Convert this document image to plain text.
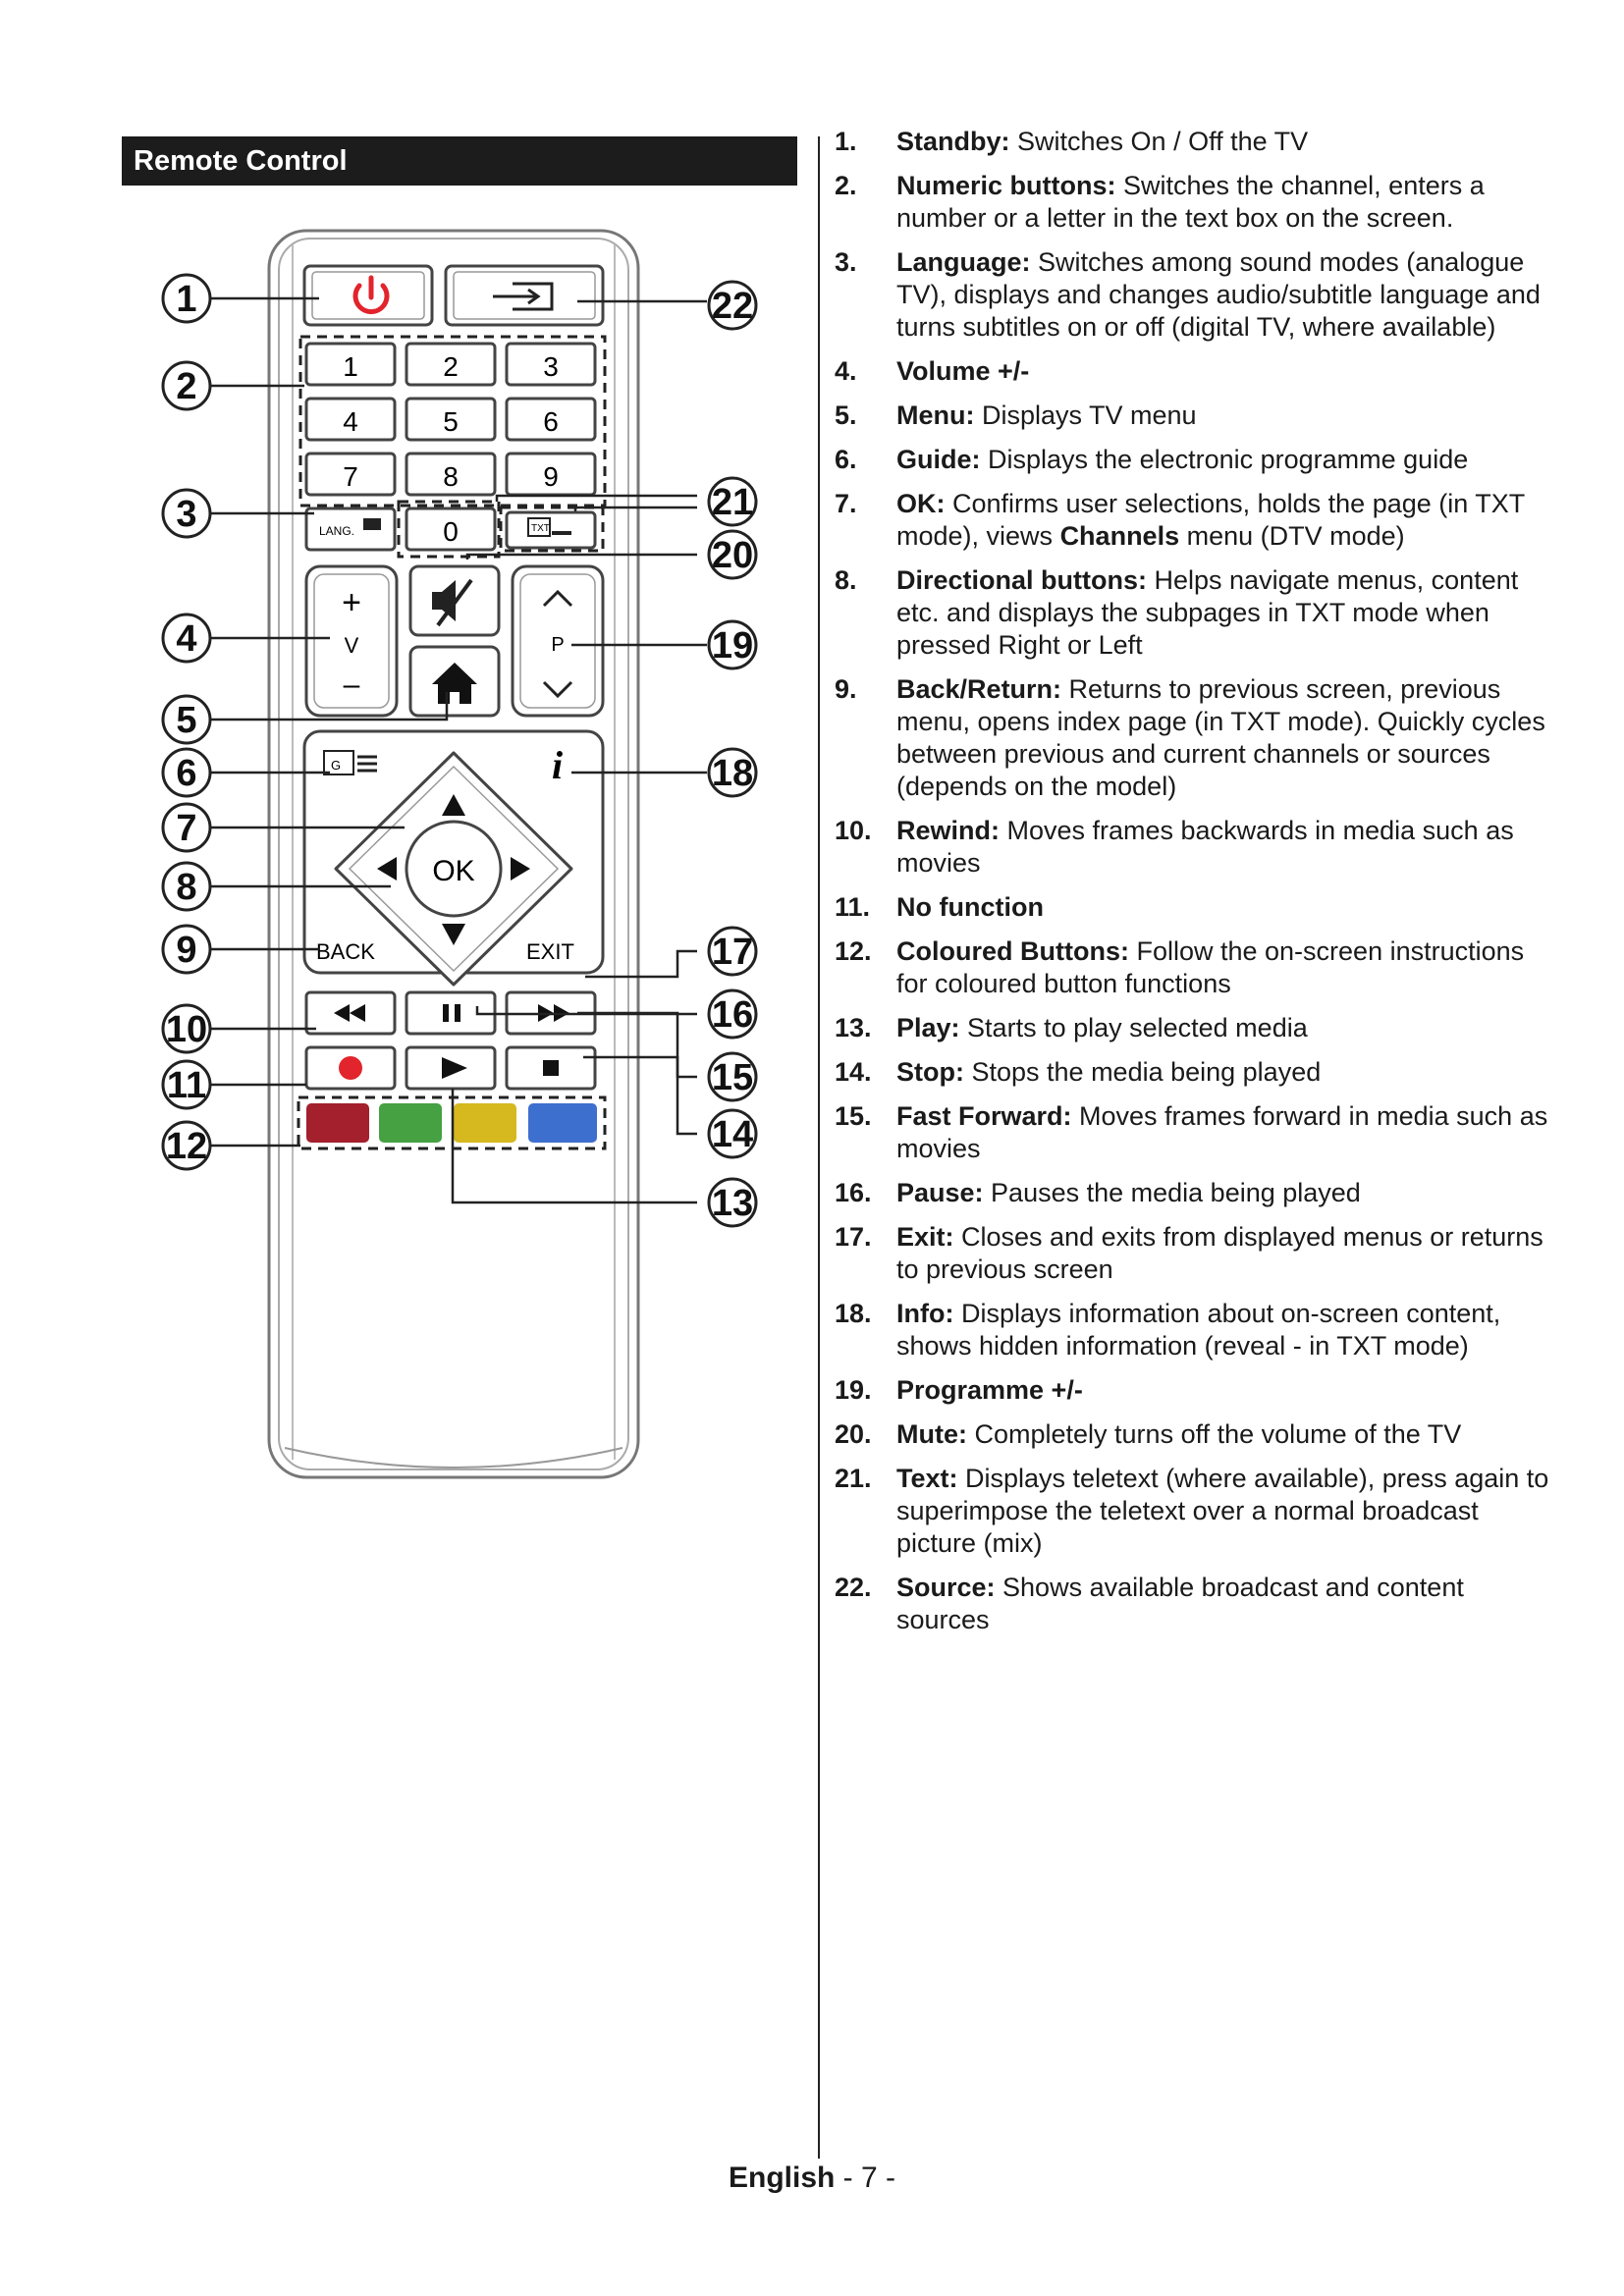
Remote Control
1	2	3
4	5	6
7	8	9
LANG.	0	TXT
+
V
–
P
OK
G	i
BACK	EXIT
1
2
3
4
5
6
7
8
9
10
11
12
22
21
20
19
18
17
16
15
14
13
1. Standby: Switches On / Off the TV
2. Numeric buttons: Switches the channel, enters a number or a letter in the text box on the screen.
3. Language: Switches among sound modes (analogue TV), displays and changes audio/subtitle language and turns subtitles on or off (digital TV, where available)
4. Volume +/-
5. Menu: Displays TV menu
6. Guide: Displays the electronic programme guide
7. OK: Confirms user selections, holds the page (in TXT mode), views Channels menu (DTV mode)
8. Directional buttons: Helps navigate menus, content etc. and displays the subpages in TXT mode when pressed Right or Left
9. Back/Return: Returns to previous screen, previous menu, opens index page (in TXT mode). Quickly cycles between previous and current channels or sources (depends on the model)
10. Rewind: Moves frames backwards in media such as movies
11. No function
12. Coloured Buttons: Follow the on-screen instructions for coloured button functions
13. Play: Starts to play selected media
14. Stop: Stops the media being played
15. Fast Forward: Moves frames forward in media such as movies
16. Pause: Pauses the media being played
17. Exit: Closes and exits from displayed menus or returns to previous screen
18. Info: Displays information about on-screen content, shows hidden information (reveal - in TXT mode)
19. Programme +/-
20. Mute: Completely turns off the volume of the TV
21. Text: Displays teletext (where available), press again to superimpose the teletext over a normal broadcast picture (mix)
22. Source: Shows available broadcast and content sources
English - 7 -
